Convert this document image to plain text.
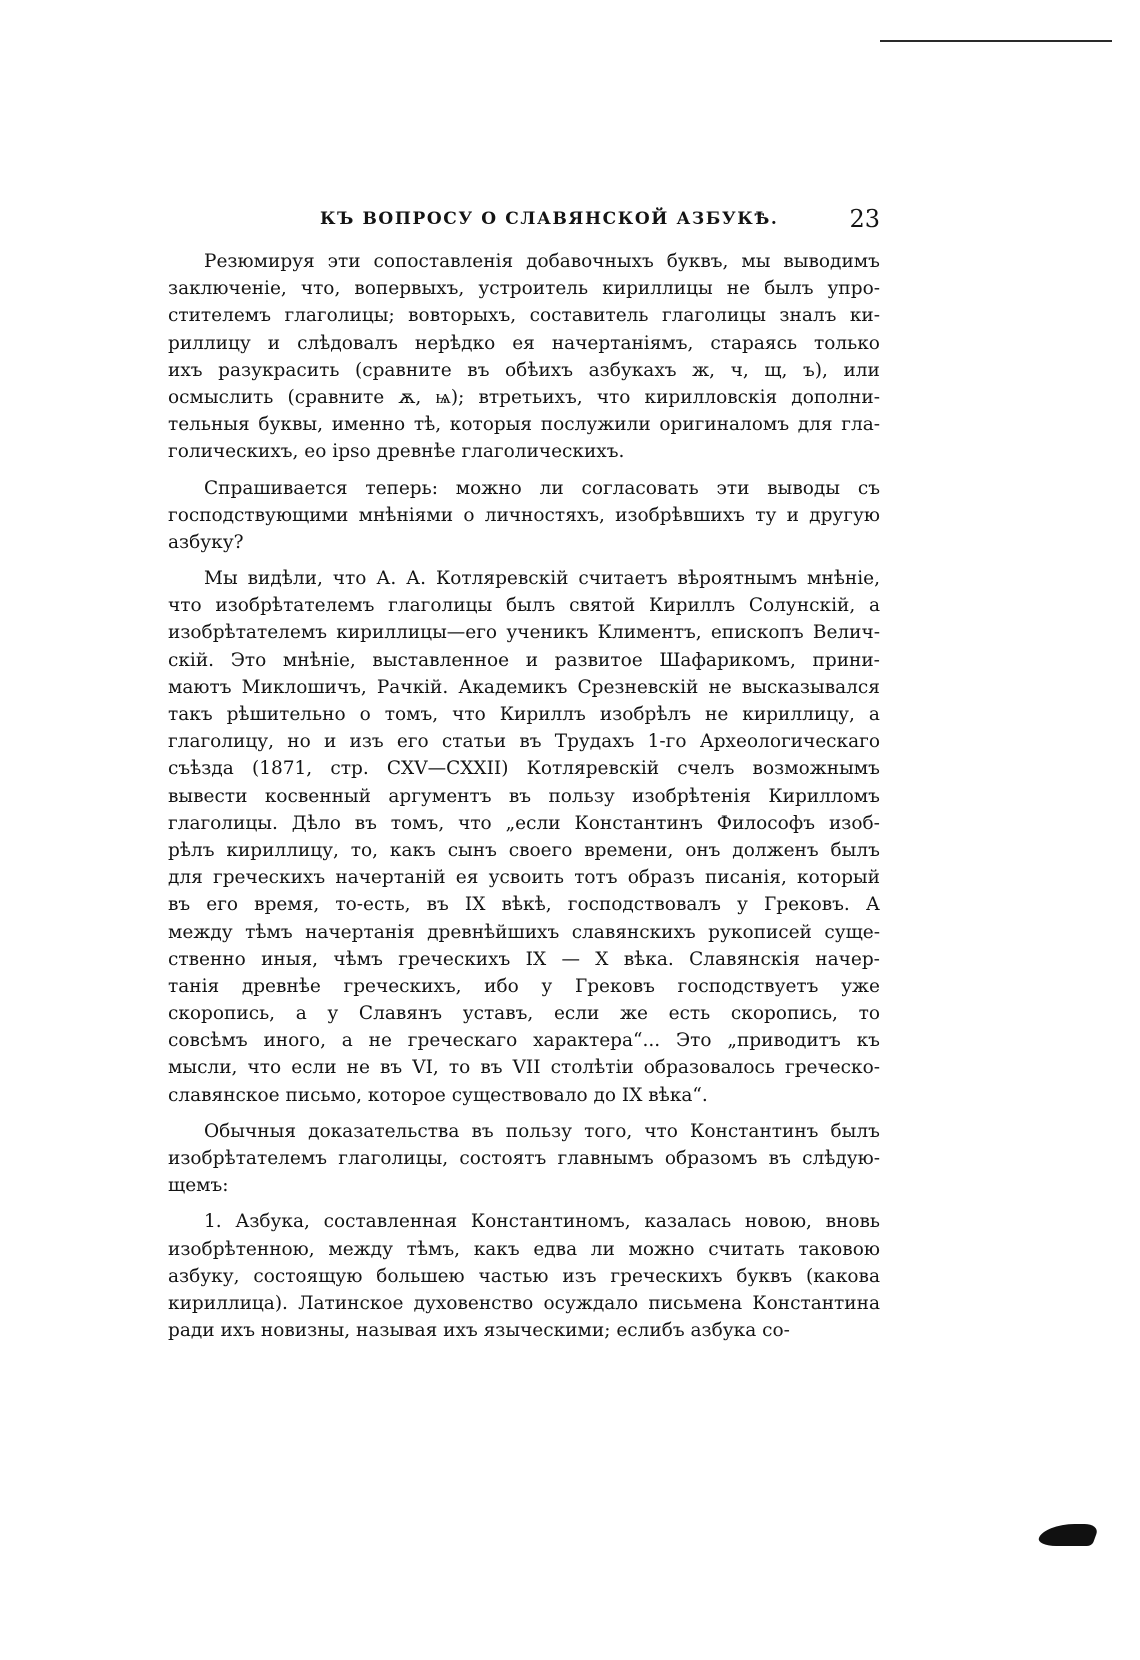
КЪ ВОПРОСУ О СЛАВЯНСКОЙ АЗБУКѢ.	23
Резюмируя эти сопоставленія добавочныхъ буквъ, мы выводимъ
заключеніе, что, вопервыхъ, устроитель кириллицы не былъ упро-
стителемъ глаголицы; вовторыхъ, составитель глаголицы зналъ ки-
риллицу и слѣдовалъ нерѣдко ея начертаніямъ, стараясь только
ихъ разукрасить (сравните въ обѣихъ азбукахъ ж, ч, щ, ъ), или
осмыслить (сравните ѫ, ѩ); втретьихъ, что кирилловскія дополни-
тельныя буквы, именно тѣ, которыя послужили оригиналомъ для гла-
голическихъ, eo ipso древнѣе глаголическихъ.
Спрашивается теперь: можно ли согласовать эти выводы съ
господствующими мнѣніями о личностяхъ, изобрѣвшихъ ту и другую
азбуку?
Мы видѣли, что А. А. Котляревскій считаетъ вѣроятнымъ мнѣніе,
что изобрѣтателемъ глаголицы былъ святой Кириллъ Солунскій, а
изобрѣтателемъ кириллицы—его ученикъ Климентъ, епископъ Велич-
скій. Это мнѣніе, выставленное и развитое Шафарикомъ, прини-
маютъ Миклошичъ, Рачкій. Академикъ Срезневскій не высказывался
такъ рѣшительно о томъ, что Кириллъ изобрѣлъ не кириллицу, а
глаголицу, но и изъ его статьи въ Трудахъ 1-го Археологическаго
съѣзда (1871, стр. CXV—CXXII) Котляревскій счелъ возможнымъ
вывести косвенный аргументъ въ пользу изобрѣтенія Кирилломъ
глаголицы. Дѣло въ томъ, что „если Константинъ Философъ изоб-
рѣлъ кириллицу, то, какъ сынъ своего времени, онъ долженъ былъ
для греческихъ начертаній ея усвоить тотъ образъ писанія, который
въ его время, то-есть, въ IX вѣкѣ, господствовалъ у Грековъ. А
между тѣмъ начертанія древнѣйшихъ славянскихъ рукописей суще-
ственно иныя, чѣмъ греческихъ IX — X вѣка. Славянскія начер-
танія древнѣе греческихъ, ибо у Грековъ господствуетъ уже
скоропись, а у Славянъ уставъ, если же есть скоропись, то
совсѣмъ иного, а не греческаго характера“... Это „приводитъ къ
мысли, что если не въ VI, то въ VII столѣтіи образовалось греческо-
славянское письмо, которое существовало до IX вѣка“.
Обычныя доказательства въ пользу того, что Константинъ былъ
изобрѣтателемъ глаголицы, состоятъ главнымъ образомъ въ слѣдую-
щемъ:
1. Азбука, составленная Константиномъ, казалась новою, вновь
изобрѣтенною, между тѣмъ, какъ едва ли можно считать таковою
азбуку, состоящую большею частью изъ греческихъ буквъ (какова
кириллица). Латинское духовенство осуждало письмена Константина
ради ихъ новизны, называя ихъ языческими; еслибъ азбука со-
